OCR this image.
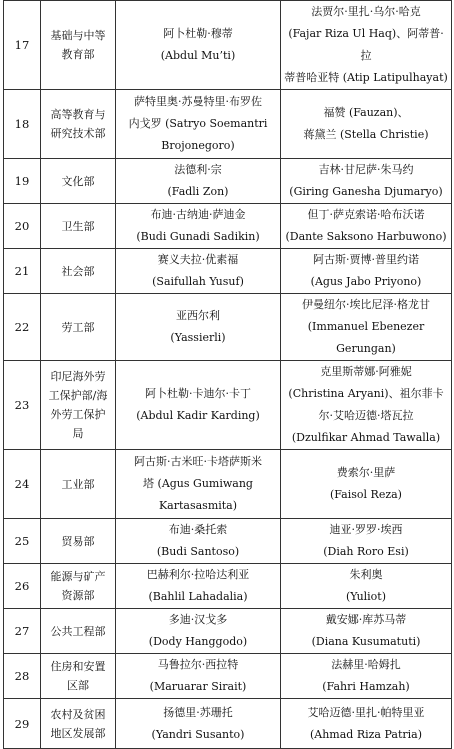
17	基础与中等教育部	阿卜杜勒·穆蒂
(Abdul Mu’ti)	法贾尔·里扎·乌尔·哈克
(Fajar Riza Ul Haq)、阿蒂普·拉
蒂普哈亚特 (Atip Latipulhayat)

18	高等教育与研究技术部	萨特里奥·苏曼特里·布罗佐
内戈罗 (Satryo Soemantri
Brojonegoro)	福赞 (Fauzan)、
蒋黛兰 (Stella Christie)

19	文化部	法德利·宗
(Fadli Zon)	吉林·甘尼萨·朱马约
(Giring Ganesha Djumaryo)

20	卫生部	布迪·古纳迪·萨迪金
(Budi Gunadi Sadikin)	但丁·萨克索诺·哈布沃诺
(Dante Saksono Harbuwono)

21	社会部	赛义夫拉·优素福
(Saifullah Yusuf)	阿古斯·贾博·普里约诺
(Agus Jabo Priyono)

22	劳工部	亚西尔利
(Yassierli)	伊曼纽尔·埃比尼泽·格龙甘
(Immanuel Ebenezer Gerungan)

23	印尼海外劳工保护部/海外劳工保护局	阿卜杜勒·卡迪尔·卡丁
(Abdul Kadir Karding)	克里斯蒂娜·阿雅妮
(Christina Aryani)、祖尔菲卡
尔·艾哈迈德·塔瓦拉
(Dzulfikar Ahmad Tawalla)

24	工业部	阿古斯·古米旺·卡塔萨斯米
塔 (Agus Gumiwang
Kartasasmita)	费索尔·里萨
(Faisol Reza)

25	贸易部	布迪·桑托索
(Budi Santoso)	迪亚·罗罗·埃西
(Diah Roro Esi)

26	能源与矿产资源部	巴赫利尔·拉哈达利亚
(Bahlil Lahadalia)	朱利奥
(Yuliot)

27	公共工程部	多迪·汉戈多
(Dody Hanggodo)	戴安娜·库苏马蒂
(Diana Kusumatuti)

28	住房和安置区部	马鲁拉尔·西拉特
(Maruarar Sirait)	法赫里·哈姆扎
(Fahri Hamzah)

29	农村及贫困地区发展部	扬德里·苏珊托
(Yandri Susanto)	艾哈迈德·里扎·帕特里亚
(Ahmad Riza Patria)
